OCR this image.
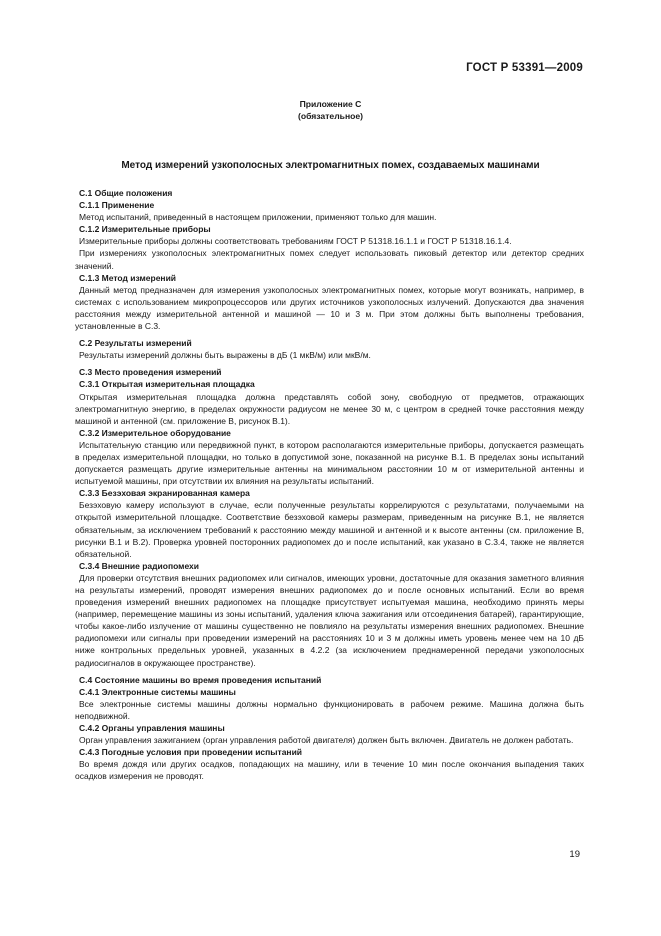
ГОСТ Р 53391—2009
Приложение С
(обязательное)
Метод измерений узкополосных электромагнитных помех, создаваемых машинами
С.1 Общие положения
С.1.1 Применение

Метод испытаний, приведенный в настоящем приложении, применяют только для машин.

С.1.2 Измерительные приборы

Измерительные приборы должны соответствовать требованиям ГОСТ Р 51318.16.1.1 и ГОСТ Р 51318.16.1.4.

При измерениях узкополосных электромагнитных помех следует использовать пиковый детектор или детектор средних значений.

С.1.3 Метод измерений

Данный метод предназначен для измерения узкополосных электромагнитных помех, которые могут возникать, например, в системах с использованием микропроцессоров или других источников узкополосных излучений. Допускаются два значения расстояния между измерительной антенной и машиной — 10 и 3 м. При этом должны быть выполнены требования, установленные в С.3.

С.2 Результаты измерений

Результаты измерений должны быть выражены в дБ (1 мкВ/м) или мкВ/м.

С.3 Место проведения измерений
С.3.1 Открытая измерительная площадка

Открытая измерительная площадка должна представлять собой зону, свободную от предметов, отражающих электромагнитную энергию, в пределах окружности радиусом не менее 30 м, с центром в средней точке расстояния между машиной и антенной (см. приложение В, рисунок В.1).

С.3.2 Измерительное оборудование

Испытательную станцию или передвижной пункт, в котором располагаются измерительные приборы, допускается размещать в пределах измерительной площадки, но только в допустимой зоне, показанной на рисунке В.1. В пределах зоны испытаний допускается размещать другие измерительные антенны на минимальном расстоянии 10 м от измерительной антенны и испытуемой машины, при отсутствии их влияния на результаты испытаний.

С.3.3 Безэховая экранированная камера

Безэховую камеру используют в случае, если полученные результаты коррелируются с результатами, получаемыми на открытой измерительной площадке. Соответствие безэховой камеры размерам, приведенным на рисунке В.1, не является обязательным, за исключением требований к расстоянию между машиной и антенной и к высоте антенны (см. приложение В, рисунки В.1 и В.2). Проверка уровней посторонних радиопомех до и после испытаний, как указано в С.3.4, также не является обязательной.

С.3.4 Внешние радиопомехи

Для проверки отсутствия внешних радиопомех или сигналов, имеющих уровни, достаточные для оказания заметного влияния на результаты измерений, проводят измерения внешних радиопомех до и после основных испытаний. Если во время проведения измерений внешних радиопомех на площадке присутствует испытуемая машина, необходимо принять меры (например, перемещение машины из зоны испытаний, удаления ключа зажигания или отсоединения батарей), гарантирующие, чтобы какое-либо излучение от машины существенно не повлияло на результаты измерения внешних радиопомех. Внешние радиопомехи или сигналы при проведении измерений на расстояниях 10 и 3 м должны иметь уровень менее чем на 10 дБ ниже контрольных предельных уровней, указанных в 4.2.2 (за исключением преднамеренной передачи узкополосных радиосигналов в окружающее пространстве).

С.4 Состояние машины во время проведения испытаний
С.4.1 Электронные системы машины

Все электронные системы машины должны нормально функционировать в рабочем режиме. Машина должна быть неподвижной.

С.4.2 Органы управления машины

Орган управления зажиганием (орган управления работой двигателя) должен быть включен. Двигатель не должен работать.

С.4.3 Погодные условия при проведении испытаний

Во время дождя или других осадков, попадающих на машину, или в течение 10 мин после окончания выпадения таких осадков измерения не проводят.

19
